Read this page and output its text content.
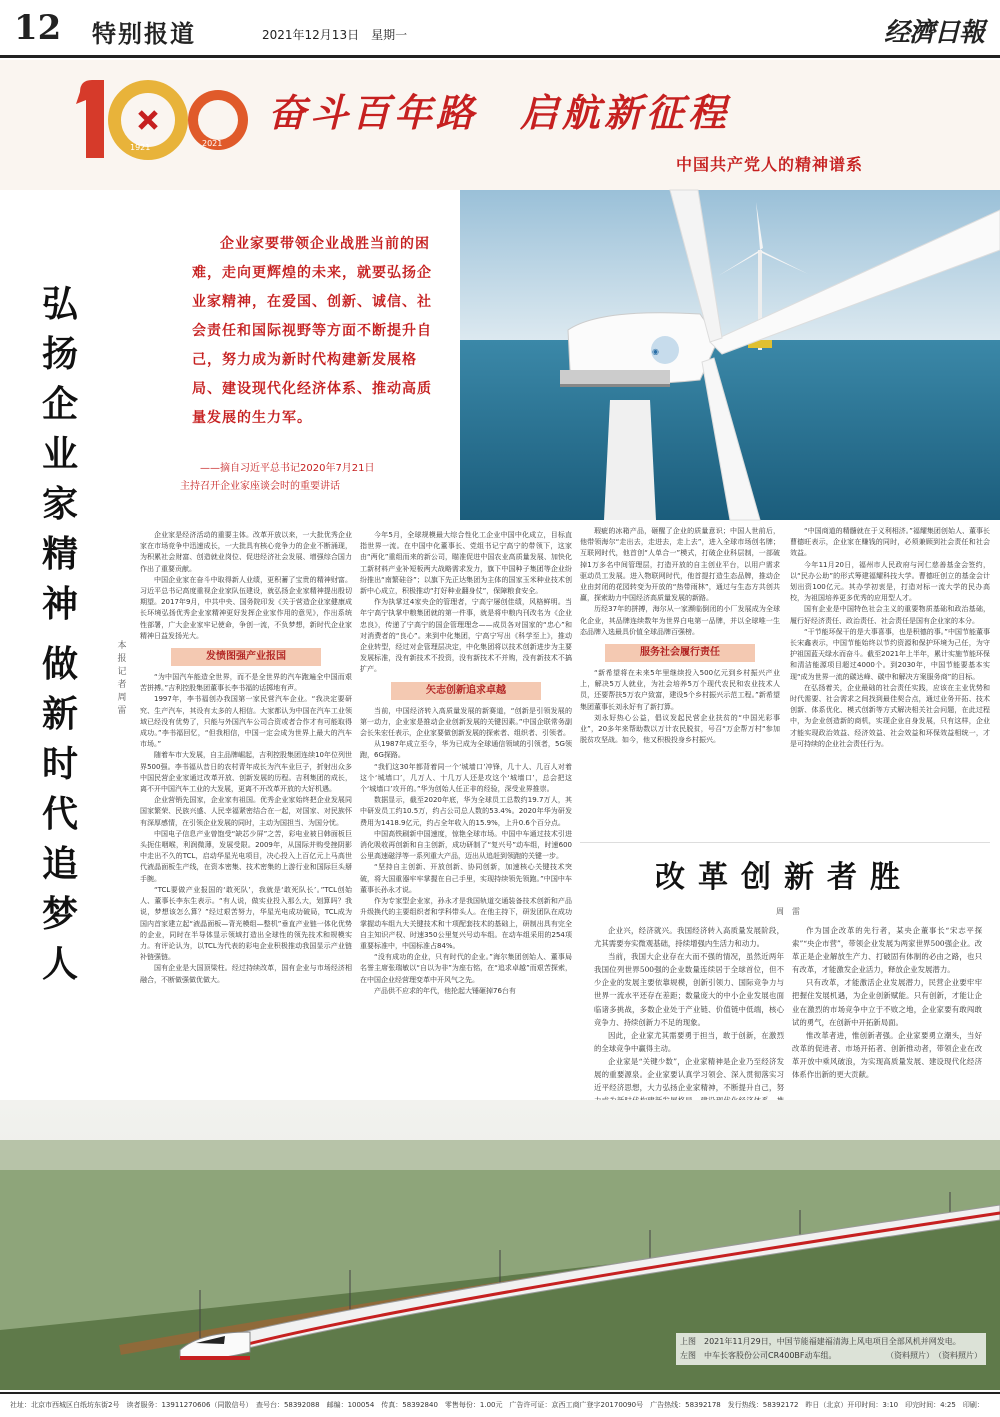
12 特别报道	2021年12月13日　星期一	经濟日報
1921	2021
100
奋斗百年路　启航新征程
中国共产党人的精神谱系
◉

企业家要带领企业战胜当前的困难，走向更辉煌的未来，就要弘扬企业家精神，在爱国、创新、诚信、社会责任和国际视野等方面不断提升自己，努力成为新时代构建新发展格局、建设现代化经济体系、推动高质量发展的生力军。

——摘自习近平总书记2020年7月21日
主持召开企业家座谈会时的重要讲话
弘扬企业家精神
做新时代追梦人
本报记者　周　雷

企业家是经济活动的重要主体。改革开放以来，一大批优秀企业家在市场竞争中迅速成长，一大批具有核心竞争力的企业不断涌现，为积累社会财富、创造就业岗位、促进经济社会发展、增强综合国力作出了重要贡献。

中国企业家在奋斗中取得新人业绩，更积蓄了宝贵的精神财富。习近平总书记高度重视企业家队伍建设，就弘扬企业家精神提出殷切期望。2017年9月，中共中央、国务院印发《关于营造企业家健康成长环境弘扬优秀企业家精神更好发挥企业家作用的意见》，作出系统性部署，广大企业家牢记使命，争创一流，不负梦想，新时代企业家精神日益发扬光大。

发愤图强产业报国

“为中国汽车能造全世界，而不是全世界的汽车跑遍全中国而艰苦拼搏。”吉利控股集团董事长李书福的话掷地有声。

1997年，李书福创办我国第一家民营汽车企业。“我决定要研究、生产汽车，其设有太多的人相信。大家都认为中国在汽车工业领域已经没有优势了，只能与外国汽车公司合资或者合作才有可能取得成功。”李书福回忆，“但我相信，中国一定会成为世界上最大的汽车市场。”

随着车市大发展，自主品牌崛起，吉利控股集团连续10年位列世界500强。李书福从昔日的农村青年成长为汽车业巨子，折射出众多中国民营企业家通过改革开放、创新发展的历程。吉利集团的成长，离不开中国汽车工业的大发展，更离不开改革开放的大好机遇。

企业营销先国家，企业家有祖国。优秀企业家始终把企业发展同国家繁荣、民族兴盛、人民幸福紧密结合在一起，对国家、对民族怀有深厚感情，在引领企业发展的同时，主动为国担当、为国分忧。

中国电子信息产业曾饱受“缺芯少屏”之苦，彩电业被日韩面板巨头扼住咽喉，利润微薄，发展受限。2009年，从国际并购受挫阴影中走出不久的TCL，启动华星光电项目，决心投入上百亿元上马高世代液晶面板生产线，在资本密集、技术密集的上游行业和国际巨头掰手腕。

“TCL要做产业报国的‘敢死队’，我就是‘敢死队长’。”TCL创始人、董事长李东生表示。“有人说，做实业投入那么大，划算吗？我说，梦想该怎么算？”经过艰苦努力，华星光电成功破局，TCL成为国内首家建立起“液晶面板—背光模组—整机”垂直产业链一体化优势的企业，同时在半导体显示领域打造出全球性的领先技术和规模实力。有评论认为，以TCL为代表的彩电企业积极推动我国显示产业链补链强链。

国有企业是大国顶梁柱。经过持续改革，国有企业与市场经济相融合，不断做强做优做大。

今年5月，全球规模最大综合性化工企业中国中化成立，目标直指世界一流。在中国中化董事长、党组书记宁高宁的带领下，这家由“两化”重组而来的新公司，瞄准促进中国农业高质量发展、加快化工新材料产业补短板两大战略需求发力，旗下中国种子集团等企业纷纷推出“南繁硅谷”；以旗下先正达集团为主体的国家玉米种业技术创新中心成立，积极推动“打好种业翻身仗”，保障粮食安全。

作为执掌过4家央企的管理者，宁高宁屡创佳绩，风格鲜明。当年宁高宁执掌中粮集团就的第一件事，就是将中粮内刊改名为《企业忠良》，传递了宁高宁的国企管理理念——成员各对国家的“忠心”和对消费者的“良心”。来到中化集团，宁高宁写出《科学至上》，推动企业转型，经过对企管理层决定，中化集团将以技术创新进步为主要发展标准，没有新技术不投资，没有新技术不并购，没有新技术不搞扩产。

矢志创新追求卓越

当前，中国经济转入高质量发展的新赛道，“创新是引领发展的第一动力，企业家是推动企业创新发展的关键因素。”中国企联常务副会长朱宏任表示，企业家要做创新发展的探索者、组织者、引领者。

从1987年成立至今，华为已成为全球通信领域的引领者，5G领跑，6G探路。

“我们这30年都背着同一个‘城墙口’冲锋，几十人、几百人对着这个‘城墙口’，几万人、十几万人还是攻这个‘城墙口’，总会把这个‘城墙口’攻开的。”华为创始人任正非的经验，深受业界推崇。

数据显示，截至2020年底，华为全球员工总数约19.7万人，其中研发员工约10.5万，约占公司总人数的53.4%。2020年华为研发费用为1418.9亿元，约占全年收入的15.9%，上升0.6个百分点。

中国高铁刷新中国速度，惊艳全球市场。中国中车通过技术引进消化吸收再创新和自主创新，成功研制了“复兴号”动车组，时速600公里高速磁浮等一系列重大产品，迈出从追赶到领跑的关键一步。

“坚持自主创新、开放创新、协同创新，加速核心关键技术突破，将大国重器牢牢掌握在自己手里，实现持续领先领跑。”中国中车董事长孙永才说。

作为专家型企业家，孙永才是我国轨道交通装备技术创新和产品升级换代的主要组织者和学科带头人。在他主持下，研发团队在成功掌握动车组九大关键技术和十项配套技术的基础上，研制出具有完全自主知识产权、时速350公里复兴号动车组。在动车组采用的254项重要标准中，中国标准占84%。

“没有成功的企业，只有时代的企业。”海尔集团创始人、董事局名誉主席张瑞敏以“自以为非”为座右铭，在“追求卓越”而艰苦探索，在中国企业经营理变革中开风气之先。

产品供不应求的年代，他抡起大锤砸掉76台有

瑕疵的冰箱产品，砸醒了企业的质量意识；中国人世前后，他带领海尔“走出去，走进去，走上去”，进入全球市场创名牌；互联网时代，他首创“人单合一”模式，打破企业科层制，一部破掉1万多名中间管理层，打造开放的自主创业平台，以用户需求驱动员工发展。进入物联网时代，他首提打造生态品牌，推动企业由封闭的花园转变为开放的“热带雨林”，通过与生态方共创共赢，探索助力中国经济高质量发展的新路。

历经37年的拼搏，海尔从一家濒临倒闭的小厂发展成为全球化企业，其品牌连续数年为世界白电第一品牌，并以全球唯一生态品牌入选最具价值全球品牌百强榜。

服务社会履行责任

“新希望将在未来5年里继续投入500亿元到乡村振兴产业上，解决5万人就业，为社会培养5万个现代农民和农业技术人员，还要帮扶5万农户致富，建设5个乡村振兴示范工程。”新希望集团董事长刘永好有了新打算。

刘永好热心公益，倡议发起民营企业扶贫的“中国光彩事业”，20多年来帮助数以万计农民脱贫，号召“万企帮万村”参加脱贫攻坚战。如今，他又积极投身乡村振兴。

“中国商道的精髓就在于义利相济。”福耀集团创始人、董事长曹德旺表示，企业家在赚钱的同时，必须兼顾到社会责任和社会效益。

今年11月20日，福州市人民政府与河仁慈善基金会签约，以“民办公助”的形式筹建福耀科技大学。曹德旺创立的基金会计划出资100亿元。其办学初衷是，打造对标一流大学的民办高校，为祖国培养更多优秀的应用型人才。

国有企业是中国特色社会主义的重要物质基础和政治基础，履行好经济责任、政治责任、社会责任是国有企业家的本分。

“干节能环保干的是大事喜事，也是积德的事。”中国节能董事长宋鑫表示，中国节能始终以节约资源和保护环境为己任，为守护祖国蓝天绿水而奋斗。截至2021年上半年，累计实施节能环保和清洁能源项目超过4000个。到2030年，中国节能要基本实现“成为世界一流的碳达峰、碳中和解决方案服务商”的目标。

在弘扬着关，企业最础的社会责任实践，应该在主业优势和时代需要、社会需求之间找到最佳契合点，通过业务开拓、技术创新、体系优化、模式创新等方式解决相关社会问题，在此过程中，为企业创造新的商机，实现企业自身发展，只有这样，企业才能实现政治效益、经济效益、社会效益和环保效益相统一，才是可持续的企业社会责任行为。

改革创新者胜
周　雷

企业兴，经济就兴。我国经济转入高质量发展阶段，尤其需要夯实微观基础，持续增强内生活力和动力。

当前，我国大企业存在大而不强的情况，虽然近两年我国位列世界500强的企业数量连续居于全球首位，但不少企业的发展主要依靠规模，创新引领力、国际竞争力与世界一流水平还存在差距；数量庞大的中小企业发展也面临诸多挑战，多数企业处于产业链、价值链中低端，核心竞争力、持续创新力不足的现象。

因此，企业家尤其需要勇于担当，敢于创新，在激烈的全球竞争中赢得主动。

企业家是“关键少数”，企业家精神是企业乃至经济发展的重要源泉。企业家要认真学习领会、深入贯彻落实习近平经济思想，大力弘扬企业家精神，不断提升自己，努

作为国企改革的先行者，某央企董事长“宋志平探索”“央企市营”，带领企业发展为两家世界500强企业。改革正是企业解放生产力、打破固有体制的必由之路，也只有改革，才能激发企业活力，释放企业发展潜力。

只有改革，才能激活企业发展潜力，民营企业要牢牢把握住发展机遇，为企业创新赋能。只有创新，才能让企业在激烈的市场竞争中立于不败之地，企业家要有敢闯敢试的勇气，在创新中开拓新局面。

惟改革者进，惟创新者强。企业家要勇立潮头，当好改革的促进者、市场开拓者、创新推动者，带领企业在改革开放中乘风破浪，为实现高质量发展、建设现代化经济体系作出新的更大贡献。

上图　2021年11月29日，中国节能福建福清海上风电项目全部风机并网发电。
（资料照片）
左图　中车长客股份公司CR400BF动车组。	（资料照片）
社址：北京市西城区白纸坊东街2号　读者服务：13911270606（同散信号）　查号台：58392088　邮编：100054　传真：58392840　零售每份：1.00元　广告许可证：京西工商广登字20170090号　广告热线：58392178　发行热线：58392172　昨日（北京）开印时间：3:10　印完时间：4:25　印刷：
